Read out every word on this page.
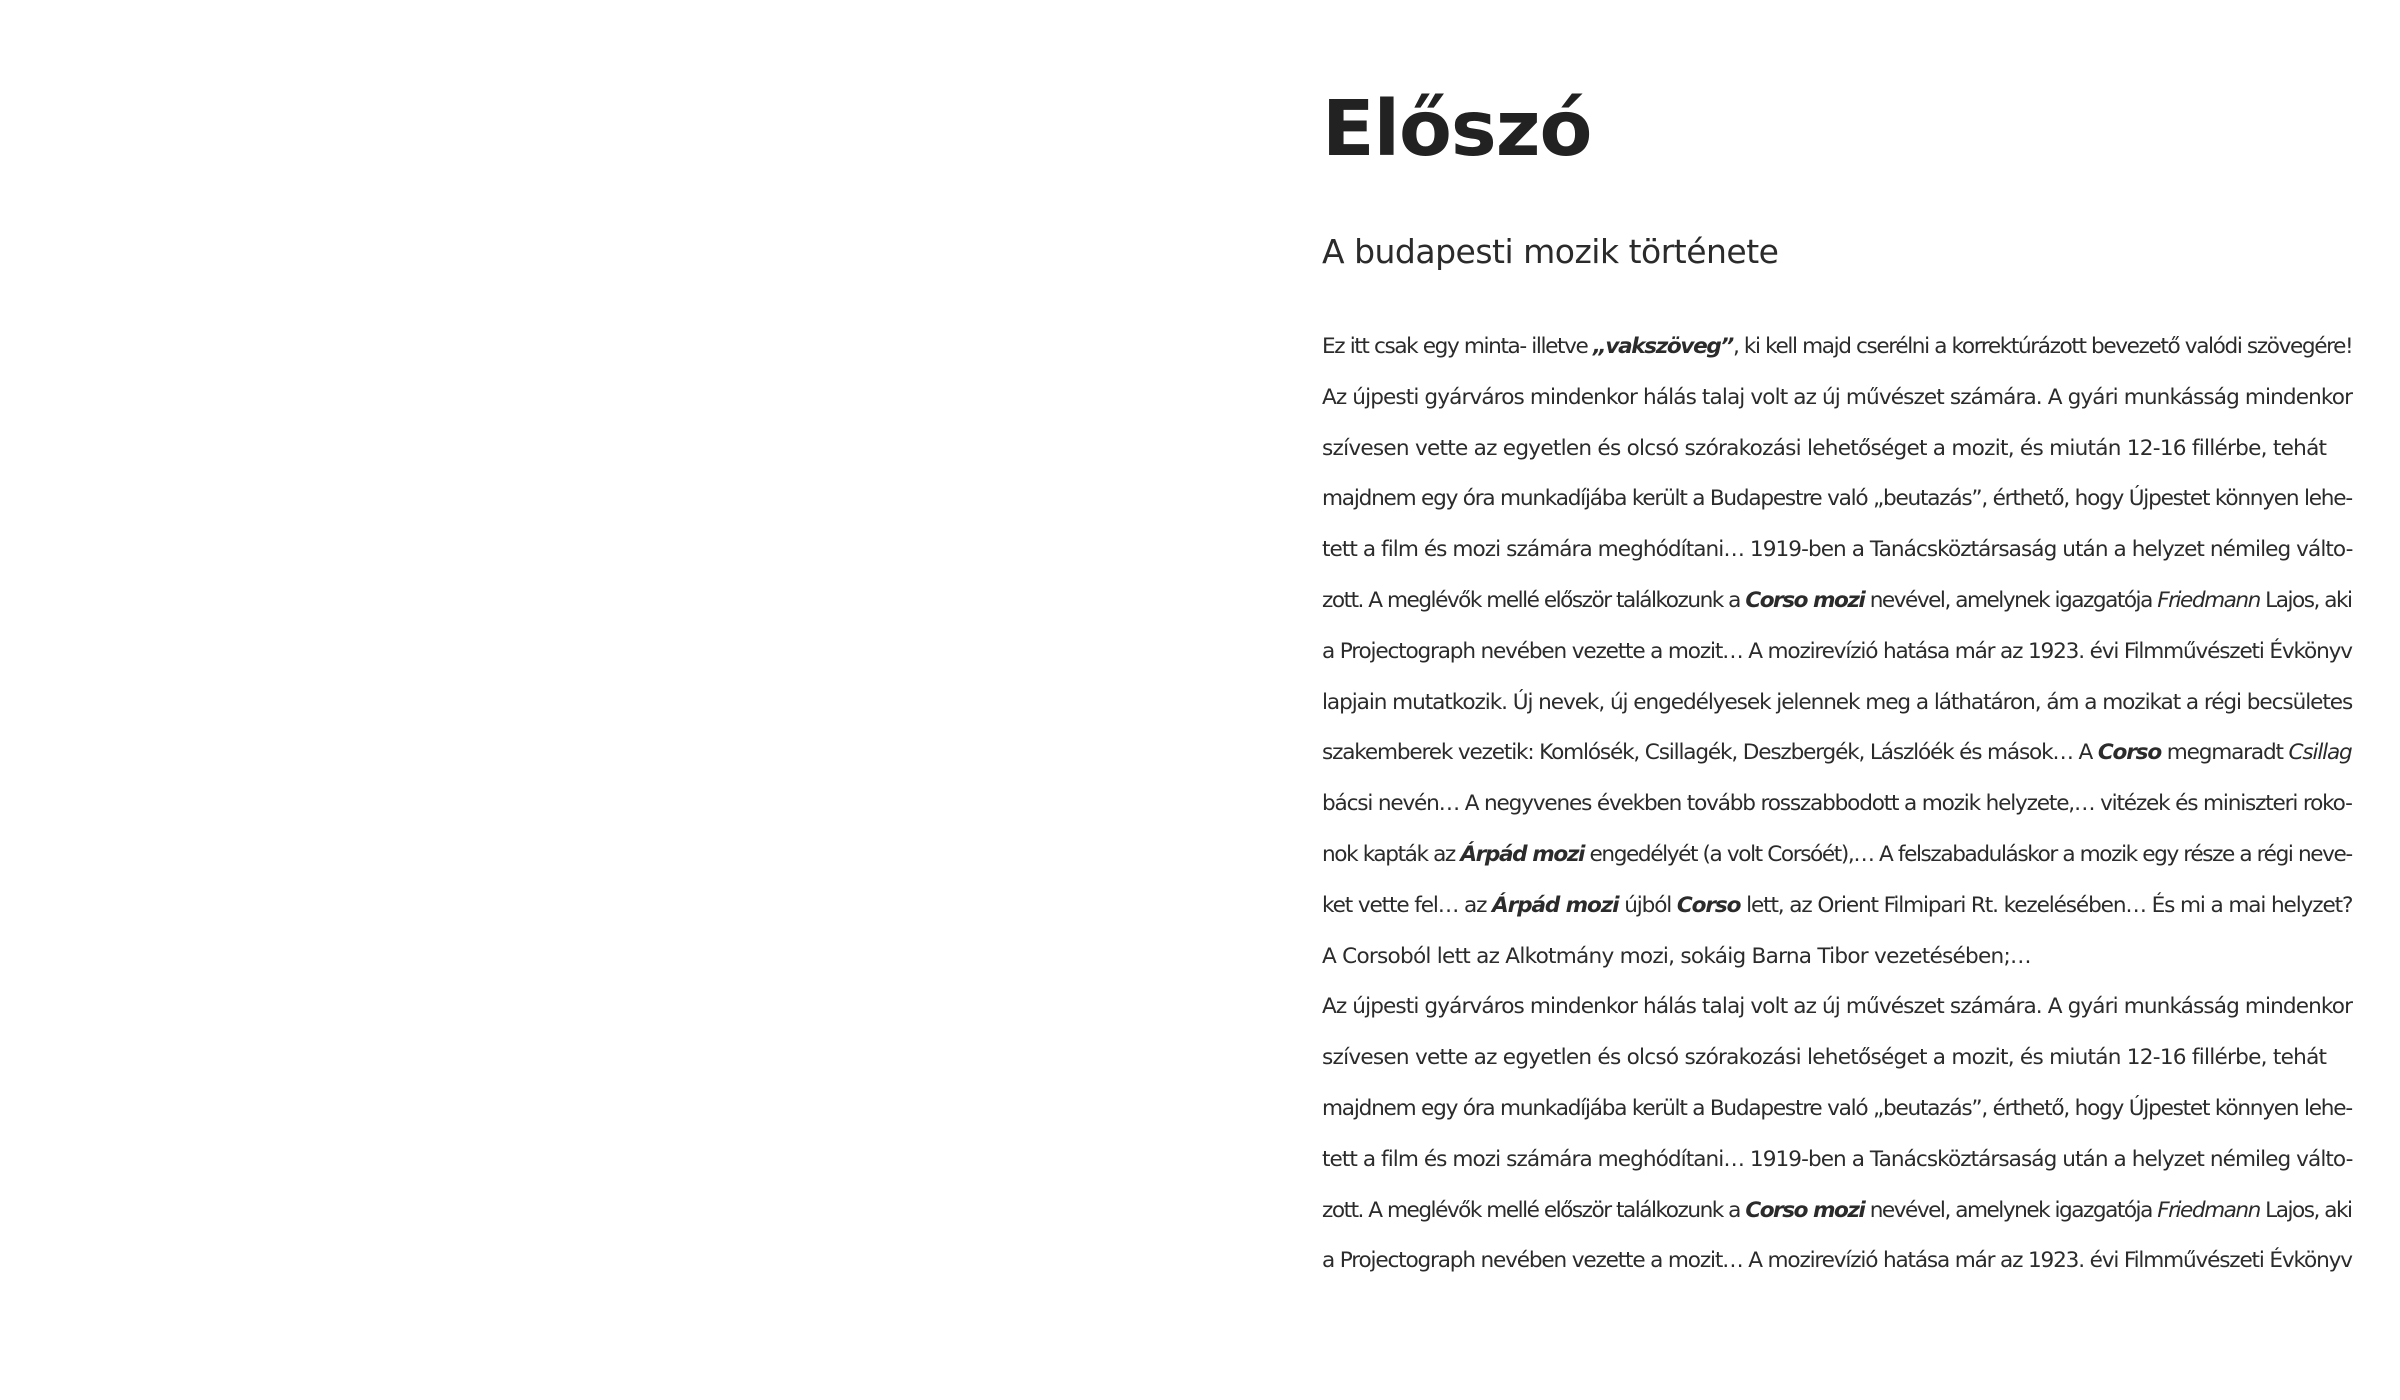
Előszó
A budapesti mozik története
Ez itt csak egy minta- illetve „vakszöveg”, ki kell majd cserélni a korrektúrázott bevezető valódi szövegére!
Az újpesti gyárváros mindenkor hálás talaj volt az új művészet számára. A gyári munkásság mindenkor
szívesen vette az egyetlen és olcsó szórakozási lehetőséget a mozit, és miután 12-16 fillérbe, tehát
majdnem egy óra munkadíjába került a Budapestre való „beutazás”, érthető, hogy Újpestet könnyen lehe-
tett a film és mozi számára meghódítani… 1919-ben a Tanácsköztársaság után a helyzet némileg válto-
zott. A meglévők mellé először találkozunk a Corso mozi nevével, amelynek igazgatója Friedmann Lajos, aki
a Projectograph nevében vezette a mozit… A mozirevízió hatása már az 1923. évi Filmművészeti Évkönyv
lapjain mutatkozik. Új nevek, új engedélyesek jelennek meg a láthatáron, ám a mozikat a régi becsületes
szakemberek vezetik: Komlósék, Csillagék, Deszbergék, Lászlóék és mások… A Corso megmaradt Csillag
bácsi nevén… A negyvenes években tovább rosszabbodott a mozik helyzete,… vitézek és miniszteri roko-
nok kapták az Árpád mozi engedélyét (a volt Corsóét),… A felszabaduláskor a mozik egy része a régi neve-
ket vette fel… az Árpád mozi újból Corso lett, az Orient Filmipari Rt. kezelésében… És mi a mai helyzet?
A Corsoból lett az Alkotmány mozi, sokáig Barna Tibor vezetésében;…
Az újpesti gyárváros mindenkor hálás talaj volt az új művészet számára. A gyári munkásság mindenkor
szívesen vette az egyetlen és olcsó szórakozási lehetőséget a mozit, és miután 12-16 fillérbe, tehát
majdnem egy óra munkadíjába került a Budapestre való „beutazás”, érthető, hogy Újpestet könnyen lehe-
tett a film és mozi számára meghódítani… 1919-ben a Tanácsköztársaság után a helyzet némileg válto-
zott. A meglévők mellé először találkozunk a Corso mozi nevével, amelynek igazgatója Friedmann Lajos, aki
a Projectograph nevében vezette a mozit… A mozirevízió hatása már az 1923. évi Filmművészeti Évkönyv
